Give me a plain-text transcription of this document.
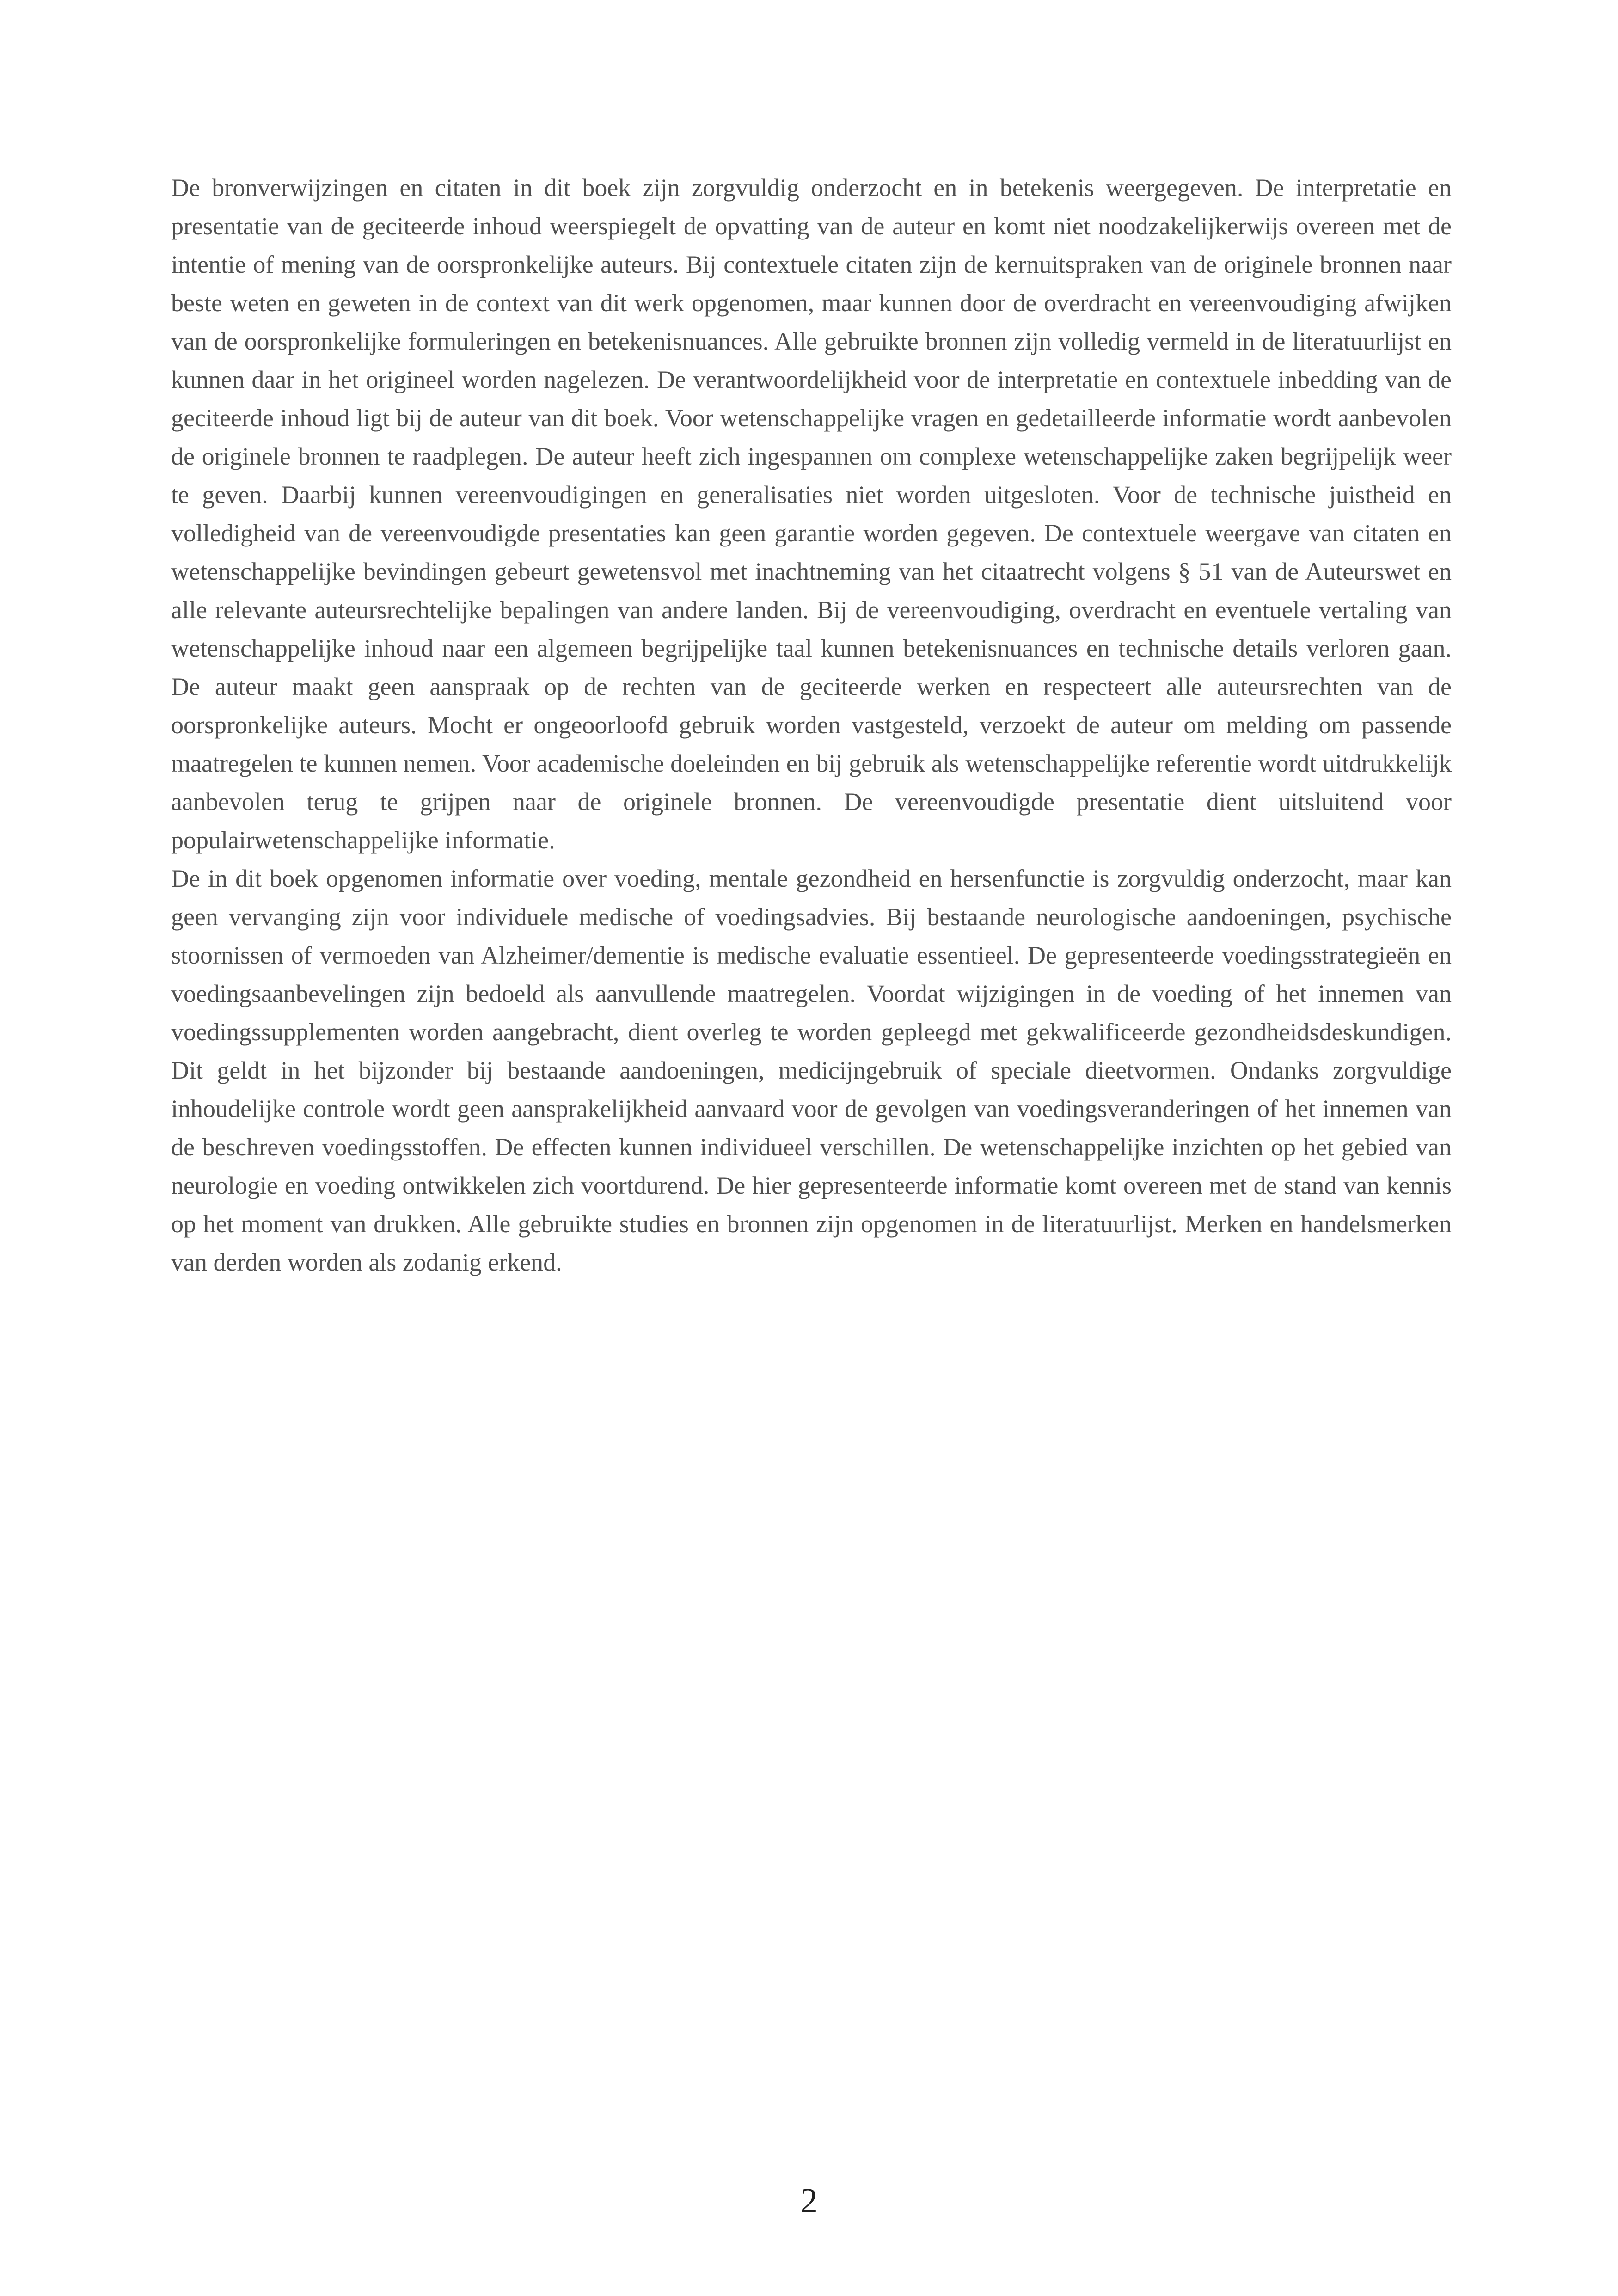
De bronverwijzingen en citaten in dit boek zijn zorgvuldig onderzocht en in betekenis weergegeven. De interpretatie en presentatie van de geciteerde inhoud weerspiegelt de opvatting van de auteur en komt niet noodzakelijkerwijs overeen met de intentie of mening van de oorspronkelijke auteurs. Bij contextuele citaten zijn de kernuitspraken van de originele bronnen naar beste weten en geweten in de context van dit werk opgenomen, maar kunnen door de overdracht en vereenvoudiging afwijken van de oorspronkelijke formuleringen en betekenisnuances. Alle gebruikte bronnen zijn volledig vermeld in de literatuurlijst en kunnen daar in het origineel worden nagelezen. De verantwoordelijkheid voor de interpretatie en contextuele inbedding van de geciteerde inhoud ligt bij de auteur van dit boek. Voor wetenschappelijke vragen en gedetailleerde informatie wordt aanbevolen de originele bronnen te raadplegen. De auteur heeft zich ingespannen om complexe wetenschappelijke zaken begrijpelijk weer te geven. Daarbij kunnen vereenvoudigingen en generalisaties niet worden uitgesloten. Voor de technische juistheid en volledigheid van de vereenvoudigde presentaties kan geen garantie worden gegeven. De contextuele weergave van citaten en wetenschappelijke bevindingen gebeurt gewetensvol met inachtneming van het citaatrecht volgens § 51 van de Auteurswet en alle relevante auteursrechtelijke bepalingen van andere landen. Bij de vereenvoudiging, overdracht en eventuele vertaling van wetenschappelijke inhoud naar een algemeen begrijpelijke taal kunnen betekenisnuances en technische details verloren gaan. De auteur maakt geen aanspraak op de rechten van de geciteerde werken en respecteert alle auteursrechten van de oorspronkelijke auteurs. Mocht er ongeoorloofd gebruik worden vastgesteld, verzoekt de auteur om melding om passende maatregelen te kunnen nemen. Voor academische doeleinden en bij gebruik als wetenschappelijke referentie wordt uitdrukkelijk aanbevolen terug te grijpen naar de originele bronnen. De vereenvoudigde presentatie dient uitsluitend voor populairwetenschappelijke informatie.

De in dit boek opgenomen informatie over voeding, mentale gezondheid en hersenfunctie is zorgvuldig onderzocht, maar kan geen vervanging zijn voor individuele medische of voedingsadvies. Bij bestaande neurologische aandoeningen, psychische stoornissen of vermoeden van Alzheimer/dementie is medische evaluatie essentieel. De gepresenteerde voedingsstrategieën en voedingsaanbevelingen zijn bedoeld als aanvullende maatregelen. Voordat wijzigingen in de voeding of het innemen van voedingssupplementen worden aangebracht, dient overleg te worden gepleegd met gekwalificeerde gezondheidsdeskundigen. Dit geldt in het bijzonder bij bestaande aandoeningen, medicijngebruik of speciale dieetvormen. Ondanks zorgvuldige inhoudelijke controle wordt geen aansprakelijkheid aanvaard voor de gevolgen van voedingsveranderingen of het innemen van de beschreven voedingsstoffen. De effecten kunnen individueel verschillen. De wetenschappelijke inzichten op het gebied van neurologie en voeding ontwikkelen zich voortdurend. De hier gepresenteerde informatie komt overeen met de stand van kennis op het moment van drukken. Alle gebruikte studies en bronnen zijn opgenomen in de literatuurlijst. Merken en handelsmerken van derden worden als zodanig erkend.

2
